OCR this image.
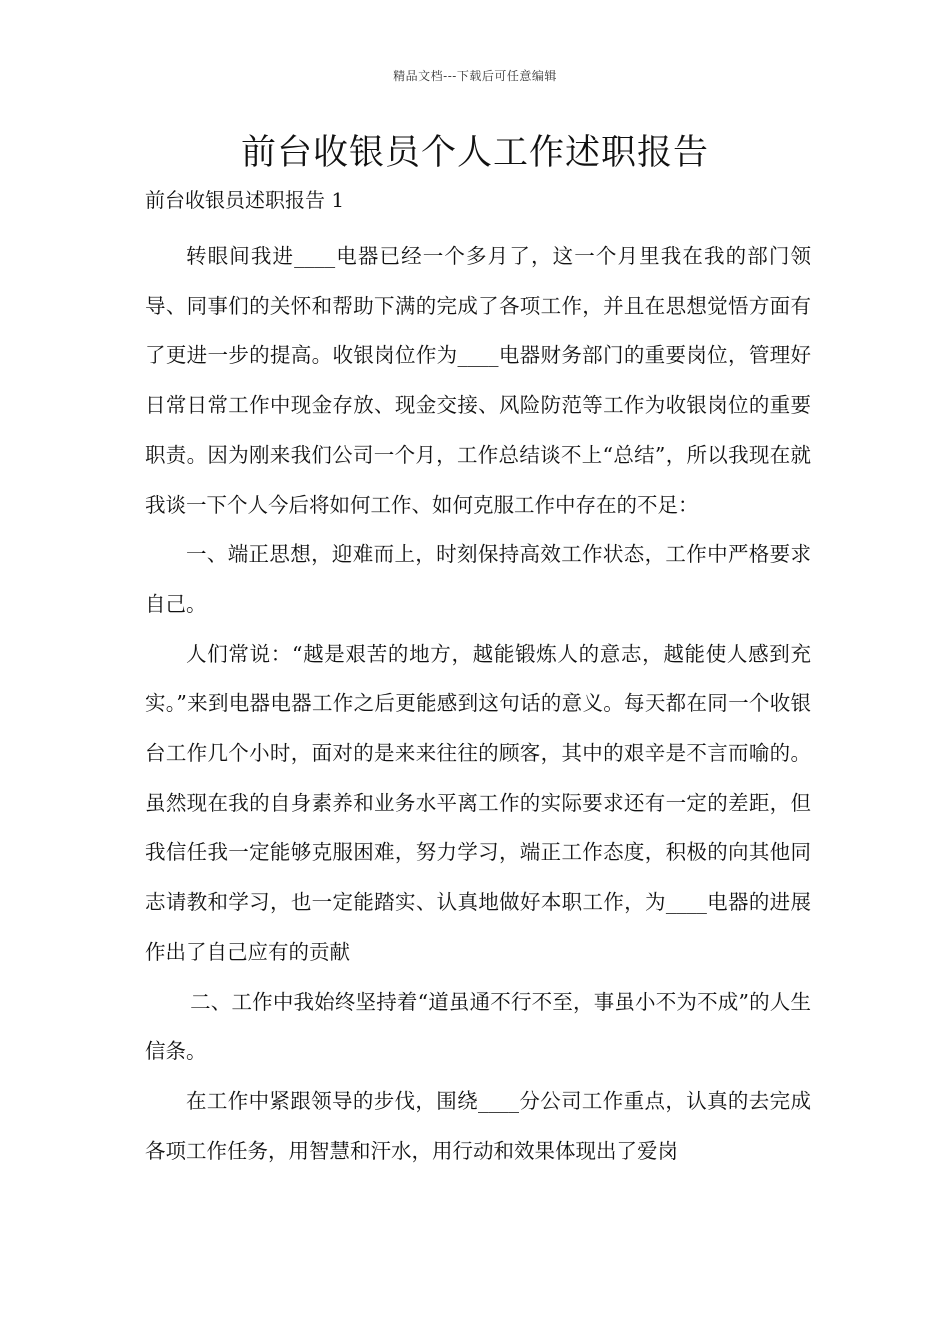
精品文档---下载后可任意编辑
前台收银员个人工作述职报告

前台收银员述职报告 1

转眼间我进____电器已经一个多月了，这一个月里我在我的部门领导、同事们的关怀和帮助下满的完成了各项工作，并且在思想觉悟方面有了更进一步的提高。收银岗位作为____电器财务部门的重要岗位，管理好日常日常工作中现金存放、现金交接、风险防范等工作为收银岗位的重要职责。因为刚来我们公司一个月，工作总结谈不上“总结”，所以我现在就我谈一下个人今后将如何工作、如何克服工作中存在的不足：

一、端正思想，迎难而上，时刻保持高效工作状态，工作中严格要求自己。

人们常说：“越是艰苦的地方，越能锻炼人的意志，越能使人感到充实。”来到电器电器工作之后更能感到这句话的意义。每天都在同一个收银台工作几个小时，面对的是来来往往的顾客，其中的艰辛是不言而喻的。虽然现在我的自身素养和业务水平离工作的实际要求还有一定的差距，但我信任我一定能够克服困难，努力学习，端正工作态度，积极的向其他同志请教和学习，也一定能踏实、认真地做好本职工作，为____电器的进展作出了自己应有的贡献

二、工作中我始终坚持着“道虽通不行不至，事虽小不为不成”的人生信条。

在工作中紧跟领导的步伐，围绕____分公司工作重点，认真的去完成各项工作任务，用智慧和汗水，用行动和效果体现出了爱岗
